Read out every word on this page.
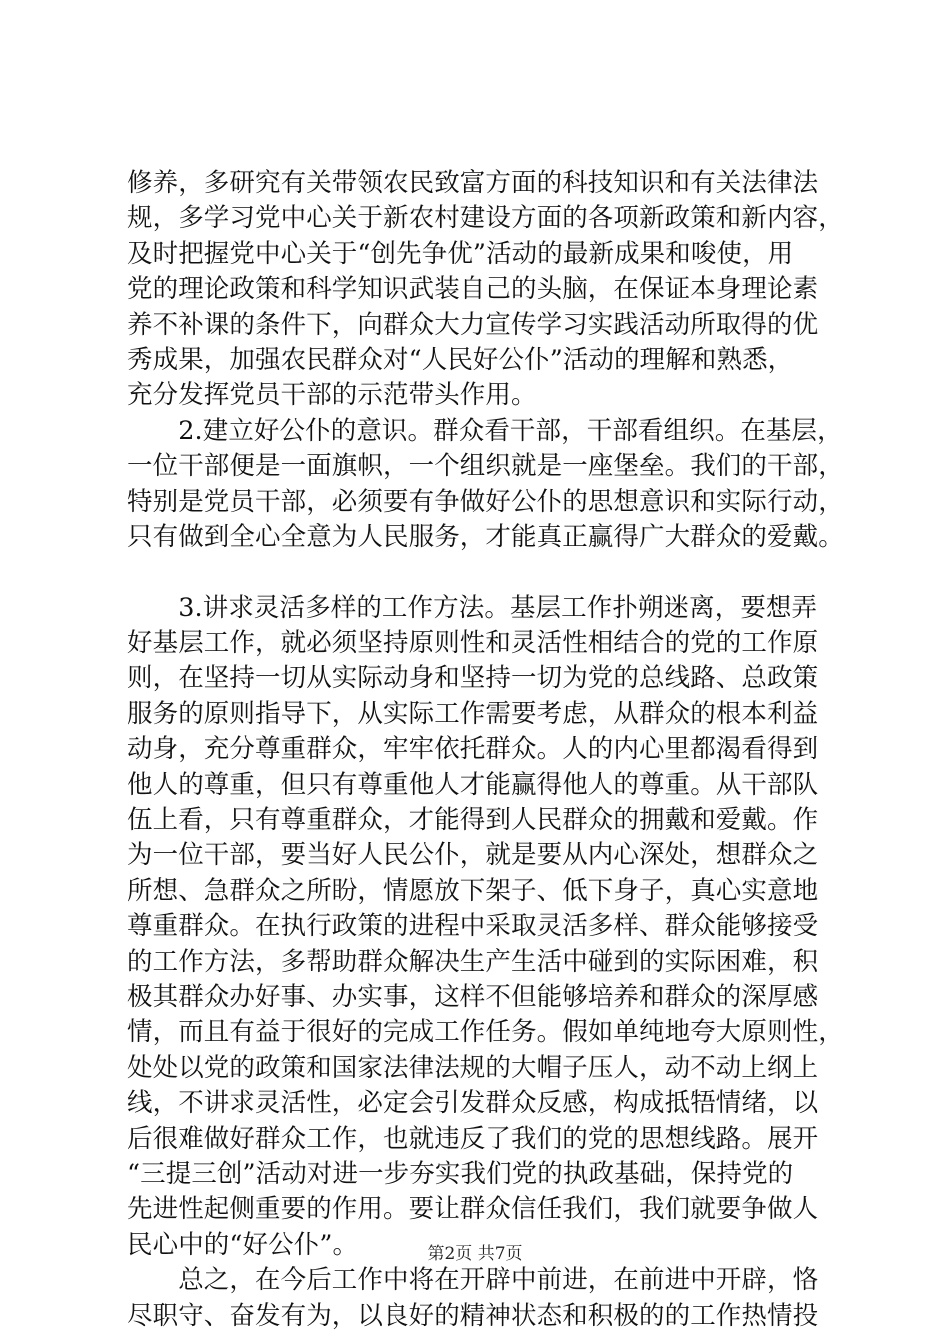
修养，多研究有关带领农民致富方面的科技知识和有关法律法
规，多学习党中心关于新农村建设方面的各项新政策和新内容，
及时把握党中心关于“创先争优”活动的最新成果和唆使，用
党的理论政策和科学知识武装自己的头脑，在保证本身理论素
养不补课的条件下，向群众大力宣传学习实践活动所取得的优
秀成果，加强农民群众对“人民好公仆”活动的理解和熟悉，
充分发挥党员干部的示范带头作用。
　　2.建立好公仆的意识。群众看干部，干部看组织。在基层，
一位干部便是一面旗帜，一个组织就是一座堡垒。我们的干部，
特别是党员干部，必须要有争做好公仆的思想意识和实际行动，
只有做到全心全意为人民服务，才能真正赢得广大群众的爱戴。
　　3.讲求灵活多样的工作方法。基层工作扑朔迷离，要想弄
好基层工作，就必须坚持原则性和灵活性相结合的党的工作原
则，在坚持一切从实际动身和坚持一切为党的总线路、总政策
服务的原则指导下，从实际工作需要考虑，从群众的根本利益
动身，充分尊重群众，牢牢依托群众。人的内心里都渴看得到
他人的尊重，但只有尊重他人才能赢得他人的尊重。从干部队
伍上看，只有尊重群众，才能得到人民群众的拥戴和爱戴。作
为一位干部，要当好人民公仆，就是要从内心深处，想群众之
所想、急群众之所盼，情愿放下架子、低下身子，真心实意地
尊重群众。在执行政策的进程中采取灵活多样、群众能够接受
的工作方法，多帮助群众解决生产生活中碰到的实际困难，积
极其群众办好事、办实事，这样不但能够培养和群众的深厚感
情，而且有益于很好的完成工作任务。假如单纯地夸大原则性，
处处以党的政策和国家法律法规的大帽子压人，动不动上纲上
线，不讲求灵活性，必定会引发群众反感，构成抵牾情绪，以
后很难做好群众工作，也就违反了我们的党的思想线路。展开
“三提三创”活动对进一步夯实我们党的执政基础，保持党的
先进性起侧重要的作用。要让群众信任我们，我们就要争做人
民心中的“好公仆”。
　　总之，在今后工作中将在开辟中前进，在前进中开辟，恪
尽职守、奋发有为，以良好的精神状态和积极的的工作热情投
第2页 共7页
